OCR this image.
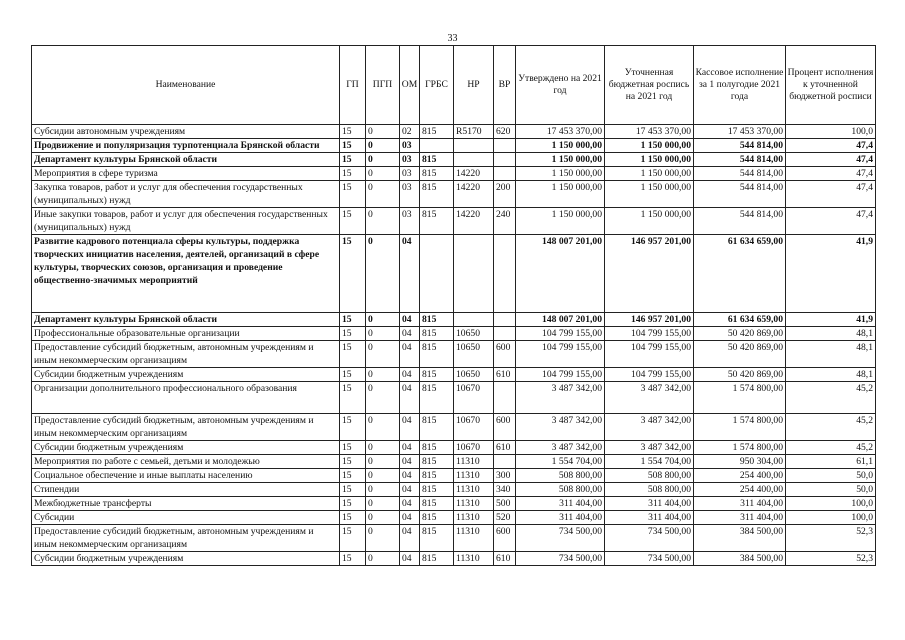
33
Наименование	ГП	ПГП	ОМ	ГРБС	НР	ВР	Утверждено на 2021 год	Уточненная бюджетная роспись на 2021 год	Кассовое исполнение за 1 полугодие 2021 года	Процент исполнения к уточненной бюджетной росписи
Субсидии автономным учреждениям	15	0	02	815	R5170	620	17 453 370,00	17 453 370,00	17 453 370,00	100,0
Продвижение и популяризация турпотенциала Брянской области	15	0	03				1 150 000,00	1 150 000,00	544 814,00	47,4
Департамент культуры Брянской области	15	0	03	815			1 150 000,00	1 150 000,00	544 814,00	47,4
Мероприятия в сфере туризма	15	0	03	815	14220		1 150 000,00	1 150 000,00	544 814,00	47,4
Закупка товаров, работ и услуг для обеспечения государственных (муниципальных) нужд	15	0	03	815	14220	200	1 150 000,00	1 150 000,00	544 814,00	47,4
Иные закупки товаров, работ и услуг для обеспечения государственных (муниципальных) нужд	15	0	03	815	14220	240	1 150 000,00	1 150 000,00	544 814,00	47,4
Развитие кадрового потенциала сферы культуры, поддержка творческих инициатив населения, деятелей, организаций в сфере культуры, творческих союзов, организация и проведение общественно-значимых мероприятий	15	0	04				148 007 201,00	146 957 201,00	61 634 659,00	41,9
Департамент культуры Брянской области	15	0	04	815			148 007 201,00	146 957 201,00	61 634 659,00	41,9
Профессиональные образовательные организации	15	0	04	815	10650		104 799 155,00	104 799 155,00	50 420 869,00	48,1
Предоставление субсидий бюджетным, автономным учреждениям и иным некоммерческим организациям	15	0	04	815	10650	600	104 799 155,00	104 799 155,00	50 420 869,00	48,1
Субсидии бюджетным учреждениям	15	0	04	815	10650	610	104 799 155,00	104 799 155,00	50 420 869,00	48,1
Организации дополнительного профессионального образования	15	0	04	815	10670		3 487 342,00	3 487 342,00	1 574 800,00	45,2
Предоставление субсидий бюджетным, автономным учреждениям и иным некоммерческим организациям	15	0	04	815	10670	600	3 487 342,00	3 487 342,00	1 574 800,00	45,2
Субсидии бюджетным учреждениям	15	0	04	815	10670	610	3 487 342,00	3 487 342,00	1 574 800,00	45,2
Мероприятия по работе с семьей, детьми и молодежью	15	0	04	815	11310		1 554 704,00	1 554 704,00	950 304,00	61,1
Социальное обеспечение и иные выплаты населению	15	0	04	815	11310	300	508 800,00	508 800,00	254 400,00	50,0
Стипендии	15	0	04	815	11310	340	508 800,00	508 800,00	254 400,00	50,0
Межбюджетные трансферты	15	0	04	815	11310	500	311 404,00	311 404,00	311 404,00	100,0
Субсидии	15	0	04	815	11310	520	311 404,00	311 404,00	311 404,00	100,0
Предоставление субсидий бюджетным, автономным учреждениям и иным некоммерческим организациям	15	0	04	815	11310	600	734 500,00	734 500,00	384 500,00	52,3
Субсидии бюджетным учреждениям	15	0	04	815	11310	610	734 500,00	734 500,00	384 500,00	52,3
